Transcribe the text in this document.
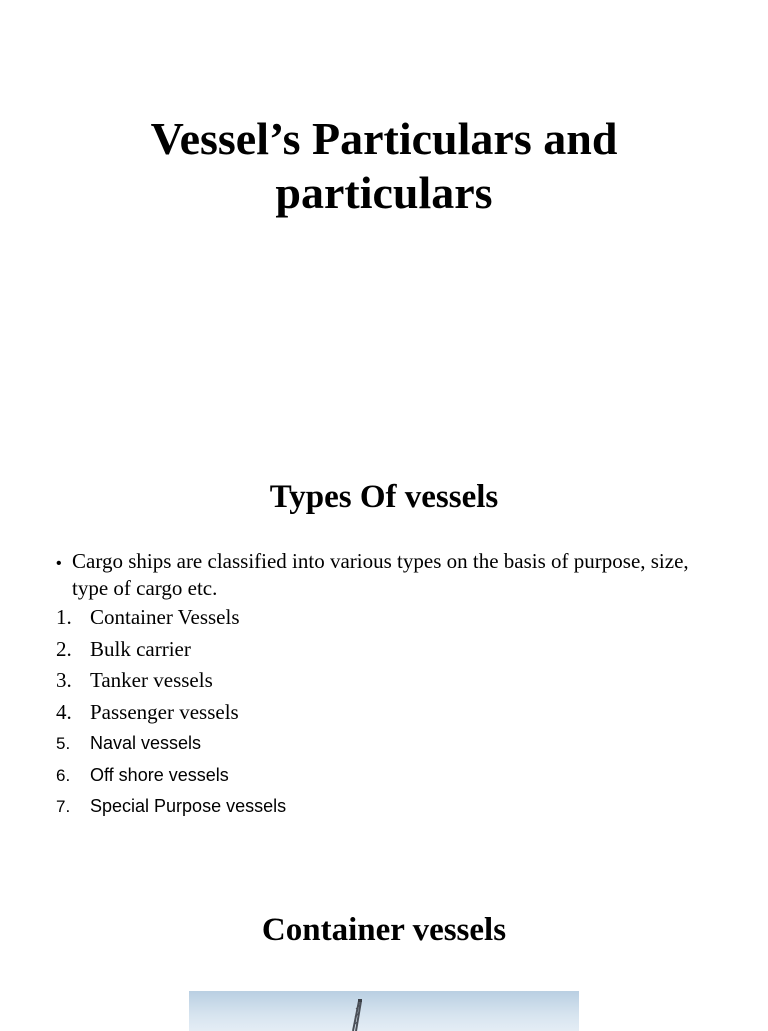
Vessel’s Particulars and
particulars
Types Of vessels

• Cargo ships are classified into various types on the basis of purpose, size, type of cargo etc.

1. Container Vessels
2. Bulk carrier
3. Tanker vessels
4. Passenger vessels
5. Naval vessels
6. Off shore vessels
7. Special Purpose vessels
Container vessels
